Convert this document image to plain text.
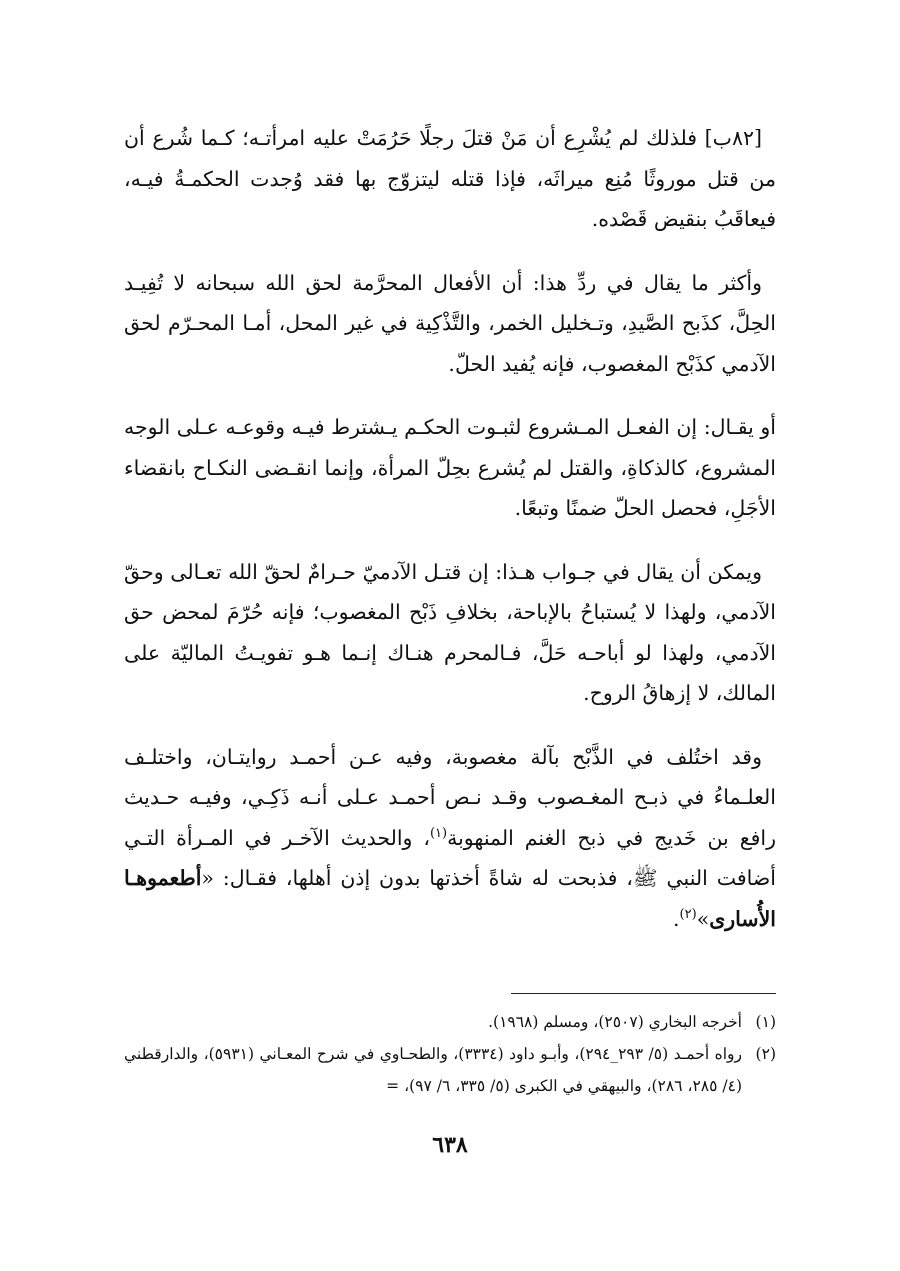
[٨٢ب] فلذلك لم يُشْرِع أن مَنْ قتلَ رجلًا حَرُمَتْ عليه امرأتـه؛ كـما شُرع أن من قتل موروثًا مُنِع ميراثَه، فإذا قتله ليتزوّج بها فقد وُجدت الحكمـةُ فيـه، فيعاقَبُ بنقيض قَصْده.

وأكثر ما يقال في ردِّ هذا: أن الأفعال المحرَّمة لحق الله سبحانه لا تُفِيـد الحِلَّ، كذَبح الصَّيدِ، وتـخليل الخمر، والتَّذْكِية في غير المحل، أمـا المحـرّم لحق الآدمي كذَبْح المغصوب، فإنه يُفيد الحلّ.

أو يقـال: إن الفعـل المـشروع لثبـوت الحكـم يـشترط فيـه وقوعـه عـلى الوجه المشروع، كالذكاةِ، والقتل لم يُشرع بحِلّ المرأة، وإنما انقـضى النكـاح بانقضاء الأجَلِ، فحصل الحلّ ضمنًا وتبعًا.

ويمكن أن يقال في جـواب هـذا: إن قتـل الآدميّ حـرامٌ لحقّ الله تعـالى وحقّ الآدمي، ولهذا لا يُستباحُ بالإباحة، بخلافِ ذَبْح المغصوب؛ فإنه حُرّمَ لمحض حق الآدمي، ولهذا لو أباحـه حَلَّ، فـالمحرم هنـاك إنـما هـو تفويـتُ الماليّة على المالك، لا إزهاقُ الروح.

وقد اختُلف في الذَّبْح بآلة مغصوبة، وفيه عـن أحمـد روايتـان، واختلـف العلـماءُ في ذبـح المغـصوب وقـد نـص أحمـد عـلى أنـه ذَكِـي، وفيـه حـديث رافع بن خَديج في ذبح الغنم المنهوبة$^{(١)}$، والحديث الآخـر في المـرأة التـي أضافت النبي ﷺ، فذبحت له شاةً أخذتها بدون إذن أهلها، فقـال: «أطعموهـا الأُسارى»$^{(٢)}$.

(١)
أخرجه البخاري (٢٥٠٧)، ومسلم (١٩٦٨).
(٢)
رواه أحمـد (٥/ ٢٩٣_٢٩٤)، وأبـو داود (٣٣٣٤)، والطحـاوي في شرح المعـاني (٥٩٣١)، والدارقطني (٤/ ٢٨٥، ٢٨٦)، والبيهقي في الكبرى (٥/ ٣٣٥، ٦/ ٩٧)، =
٦٣٨
